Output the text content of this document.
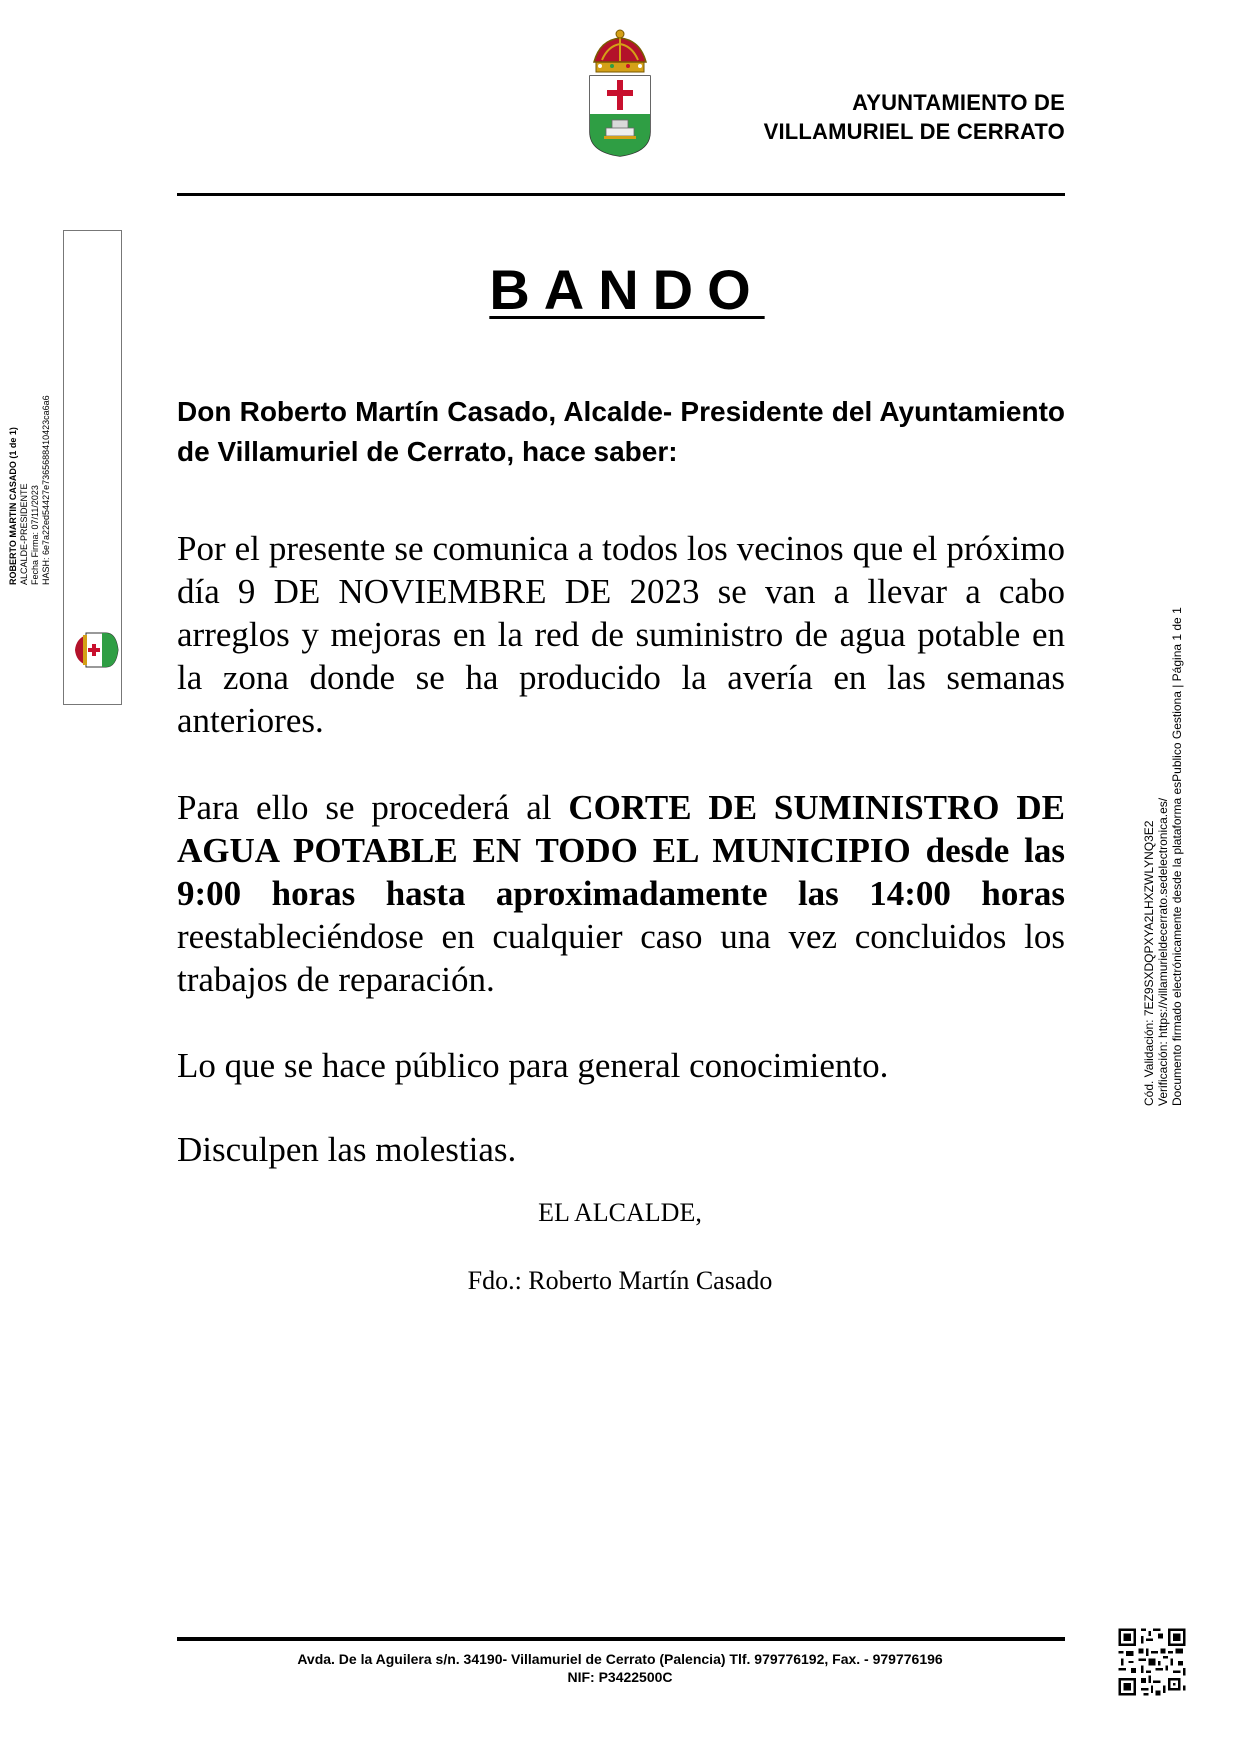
AYUNTAMIENTO DE
VILLAMURIEL DE CERRATO
BANDO
Don Roberto Martín Casado, Alcalde- Presidente del Ayuntamiento de Villamuriel de Cerrato, hace saber:
Por el presente se comunica a todos los vecinos que el próximo día 9 DE NOVIEMBRE DE 2023 se van a llevar a cabo arreglos y mejoras en la red de suministro de agua potable en la zona donde se ha producido la avería en las semanas anteriores.
Para ello se procederá al CORTE DE SUMINISTRO DE AGUA POTABLE EN TODO EL MUNICIPIO desde las 9:00 horas hasta aproximadamente las 14:00 horas reestableciéndose en cualquier caso una vez concluidos los trabajos de reparación.
Lo que se hace público para general conocimiento.
Disculpen las molestias.
EL ALCALDE,
Fdo.: Roberto Martín Casado
Avda. De la Aguilera s/n. 34190- Villamuriel de Cerrato (Palencia) Tlf. 979776192, Fax. - 979776196
NIF: P3422500C
ROBERTO MARTIN CASADO (1 de 1) ALCALDE-PRESIDENTE Fecha Firma: 07/11/2023 HASH: 6e7a22ed54427e7365688410423ca6a6
Cód. Validación: 7EZ9SXDQPXYA2LHXZWLYNQ3E2 Verificación: https://villamurieldecerrato.sedelectronica.es/ Documento firmado electrónicamente desde la plataforma esPublico Gestiona | Página 1 de 1
